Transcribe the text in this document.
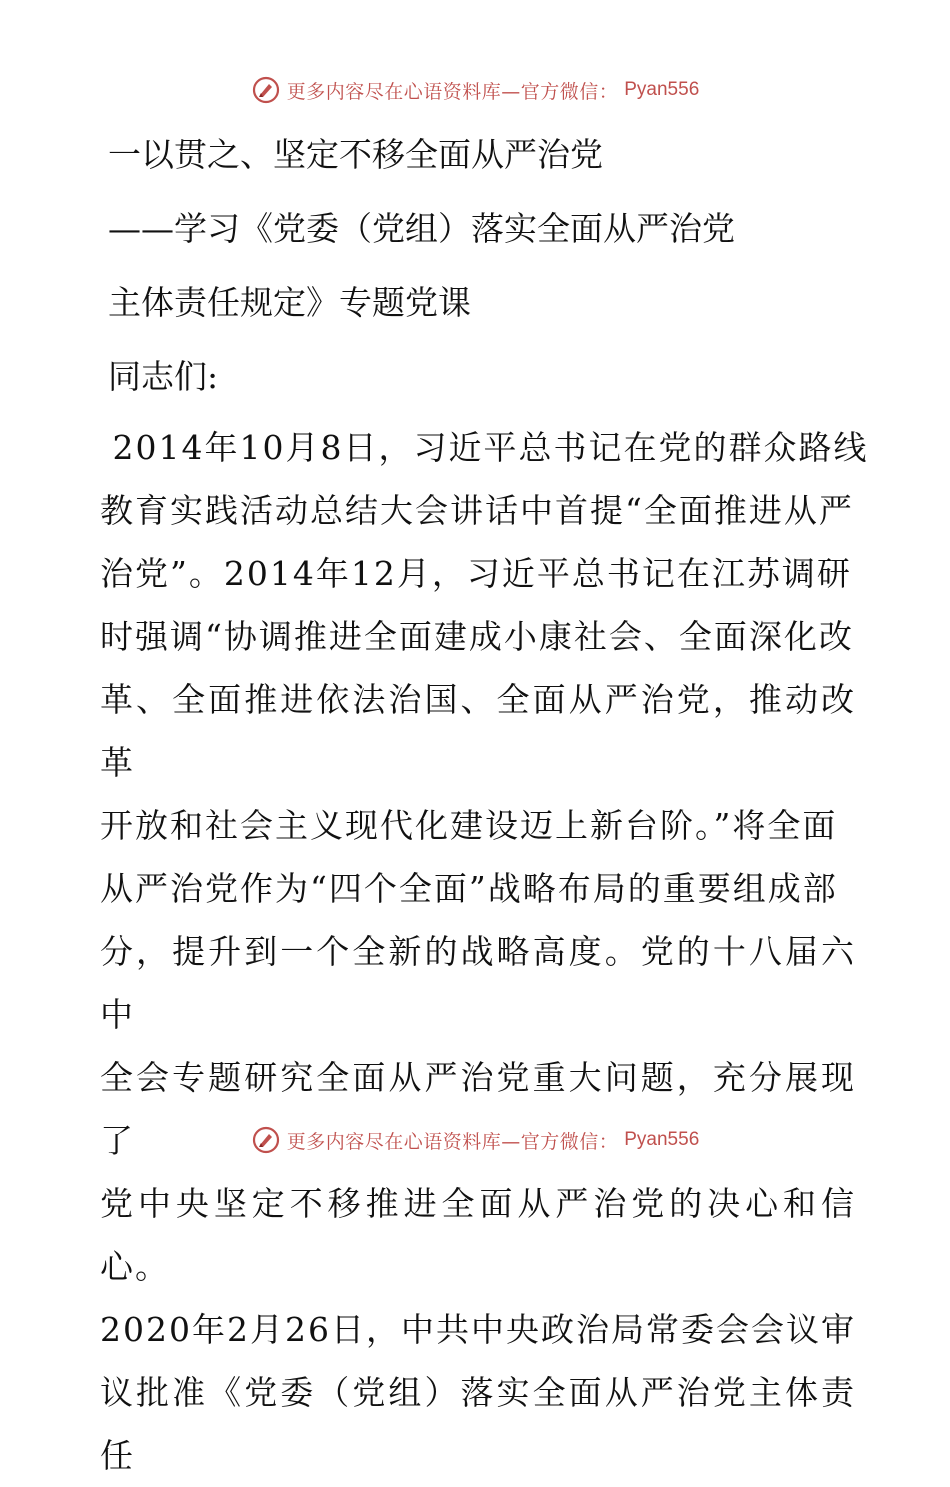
更多内容尽在心语资料库—官方微信： Pyan556
一以贯之、坚定不移全面从严治党
——学习《党委（党组）落实全面从严治党
主体责任规定》专题党课
同志们:
2014年10月8日，习近平总书记在党的群众路线
教育实践活动总结大会讲话中首提“全面推进从严
治党”。2014年12月，习近平总书记在江苏调研
时强调“协调推进全面建成小康社会、全面深化改
革、全面推进依法治国、全面从严治党，推动改革
开放和社会主义现代化建设迈上新台阶。”将全面
从严治党作为“四个全面”战略布局的重要组成部
分，提升到一个全新的战略高度。党的十八届六中
全会专题研究全面从严治党重大问题，充分展现了
党中央坚定不移推进全面从严治党的决心和信心。
2020年2月26日，中共中央政治局常委会会议审
议批准《党委（党组）落实全面从严治党主体责任
更多内容尽在心语资料库—官方微信： Pyan556
